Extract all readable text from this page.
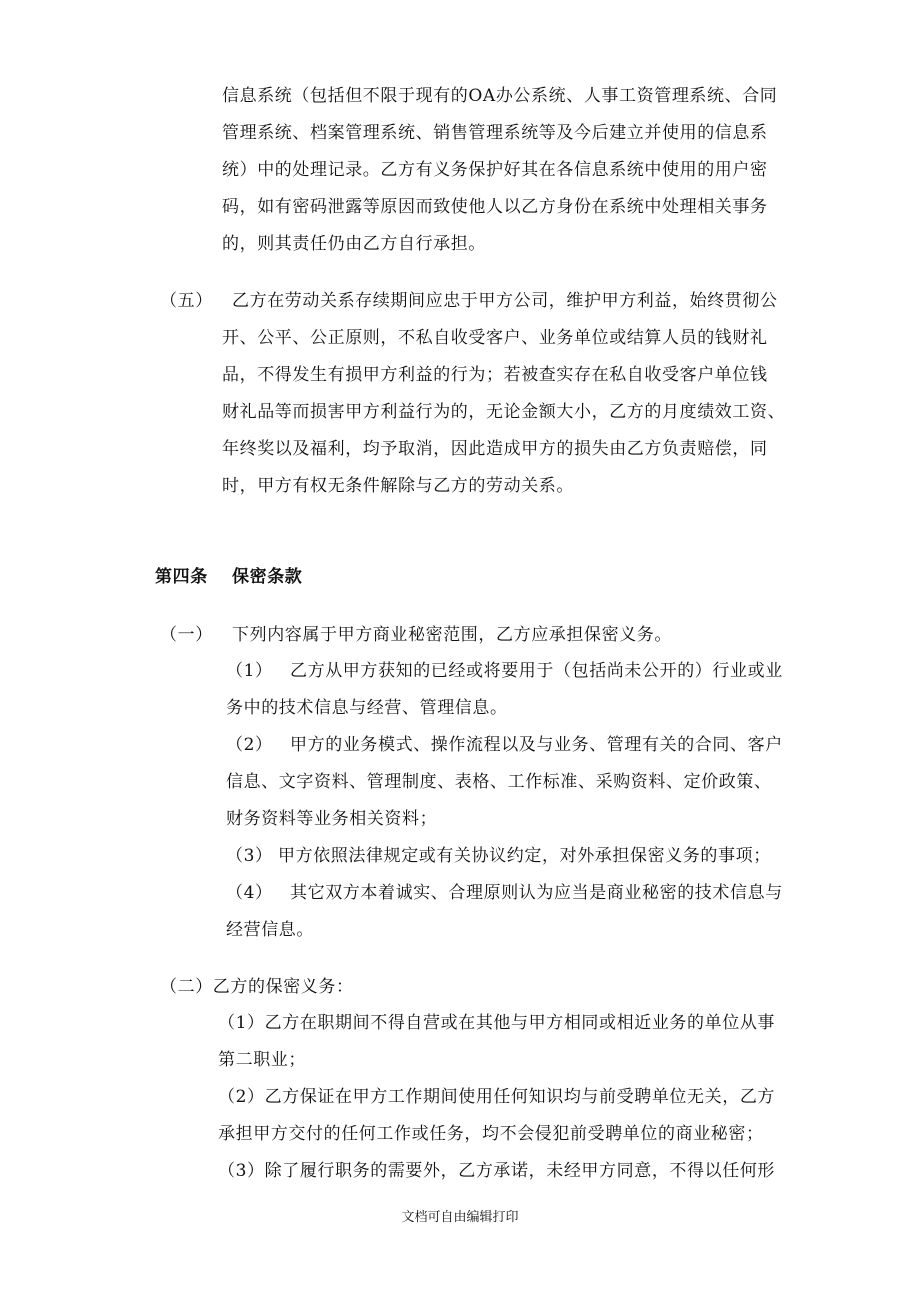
信息系统（包括但不限于现有的OA办公系统、人事工资管理系统、合同
管理系统、档案管理系统、销售管理系统等及今后建立并使用的信息系
统）中的处理记录。乙方有义务保护好其在各信息系统中使用的用户密
码，如有密码泄露等原因而致使他人以乙方身份在系统中处理相关事务
的，则其责任仍由乙方自行承担。
（五） 乙方在劳动关系存续期间应忠于甲方公司，维护甲方利益，始终贯彻公
开、公平、公正原则，不私自收受客户、业务单位或结算人员的钱财礼
品，不得发生有损甲方利益的行为；若被查实存在私自收受客户单位钱
财礼品等而损害甲方利益行为的，无论金额大小，乙方的月度绩效工资、
年终奖以及福利，均予取消，因此造成甲方的损失由乙方负责赔偿，同
时，甲方有权无条件解除与乙方的劳动关系。
第四条 保密条款
（一） 下列内容属于甲方商业秘密范围，乙方应承担保密义务。
（1） 乙方从甲方获知的已经或将要用于（包括尚未公开的）行业或业
务中的技术信息与经营、管理信息。
（2） 甲方的业务模式、操作流程以及与业务、管理有关的合同、客户
信息、文字资料、管理制度、表格、工作标准、采购资料、定价政策、
财务资料等业务相关资料；
（3） 甲方依照法律规定或有关协议约定，对外承担保密义务的事项；
（4） 其它双方本着诚实、合理原则认为应当是商业秘密的技术信息与
经营信息。
（二）乙方的保密义务：
（1）乙方在职期间不得自营或在其他与甲方相同或相近业务的单位从事
第二职业；
（2）乙方保证在甲方工作期间使用任何知识均与前受聘单位无关，乙方
承担甲方交付的任何工作或任务，均不会侵犯前受聘单位的商业秘密；
（3）除了履行职务的需要外，乙方承诺，未经甲方同意，不得以任何形
文档可自由编辑打印
